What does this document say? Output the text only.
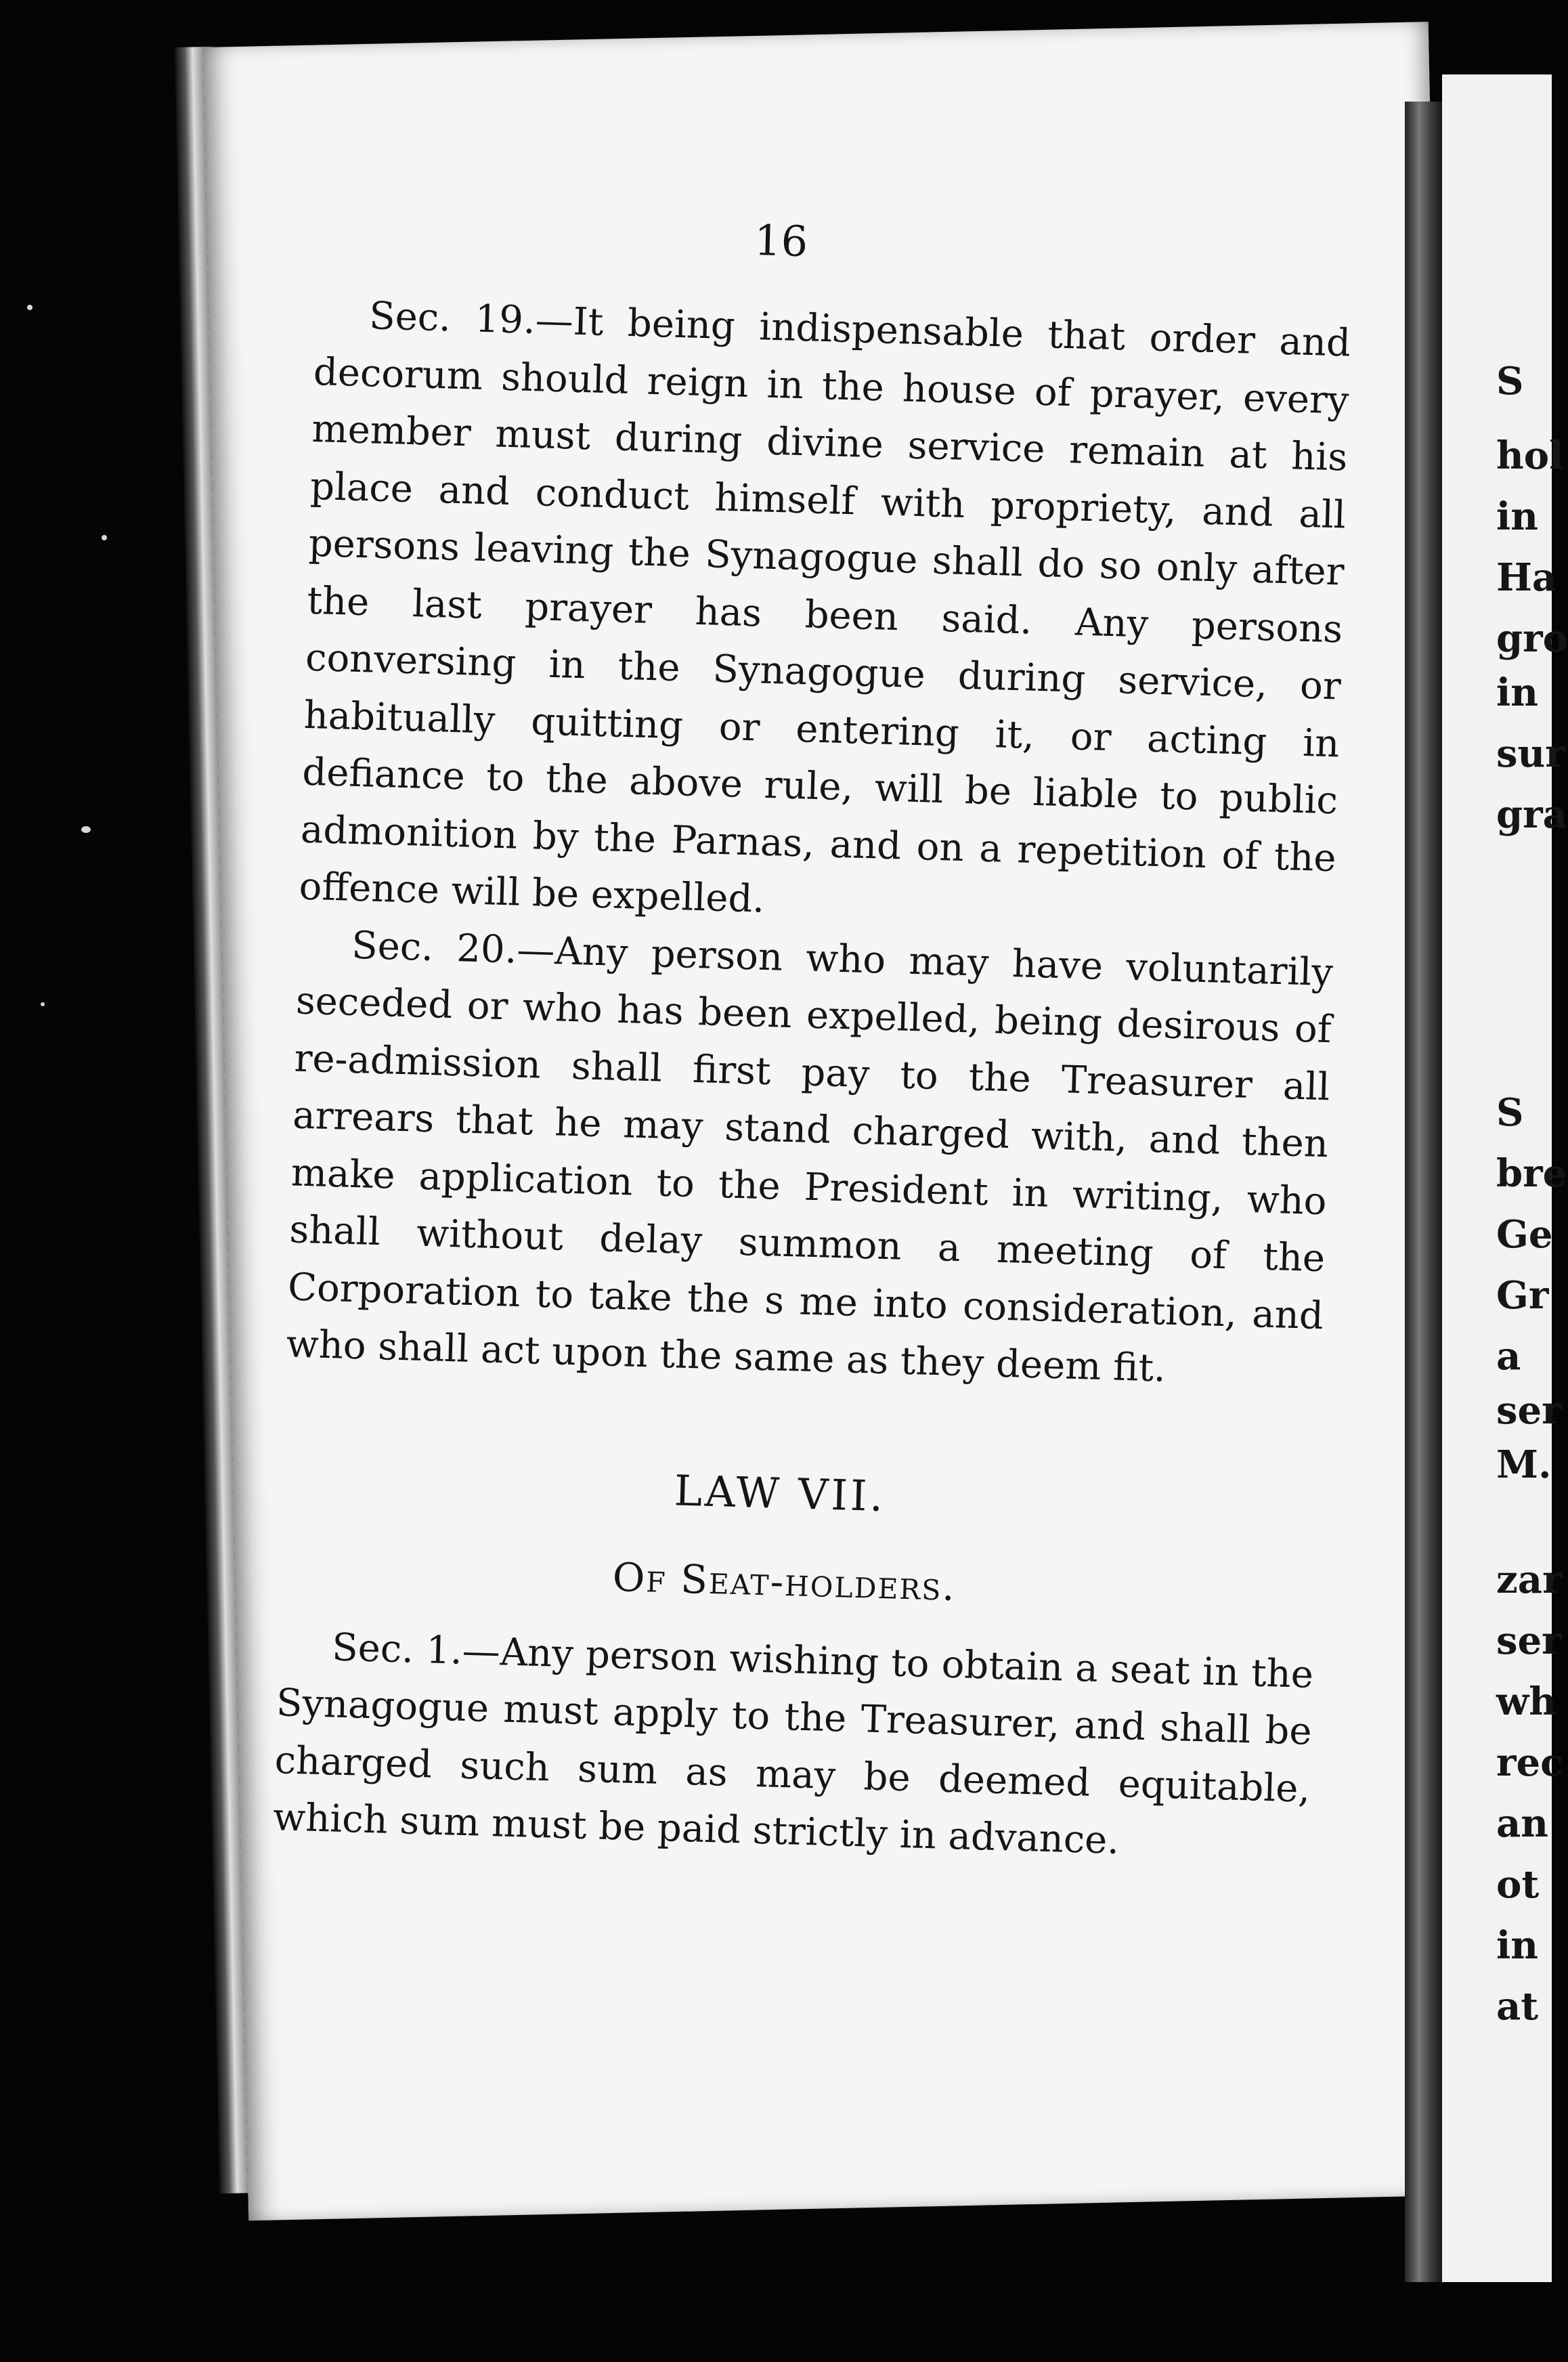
S
hol
in
Ha
gro
in
sur
gra
S
bre
Ge
Gr
a
ser
M.
zar
ser
wh
rec
an
ot
in
at
16

Sec. 19.—It being indispensable that order and decorum should reign in the house of prayer, every member must during divine service remain at his place and conduct himself with propriety, and all persons leaving the Synagogue shall do so only after the last prayer has been said. Any persons conversing in the Synagogue during service, or habitually quitting or entering it, or acting in defiance to the above rule, will be liable to public admonition by the Parnas, and on a repetition of the offence will be expelled.

Sec. 20.—Any person who may have voluntarily seceded or who has been expelled, being desirous of re-admission shall first pay to the Treasurer all arrears that he may stand charged with, and then make application to the President in writing, who shall without delay summon a meeting of the Corporation to take the s me into consideration, and who shall act upon the same as they deem fit.

LAW VII.
Of Seat-holders.

Sec. 1.—Any person wishing to obtain a seat in the Synagogue must apply to the Treasurer, and shall be charged such sum as may be deemed equitable, which sum must be paid strictly in advance.
